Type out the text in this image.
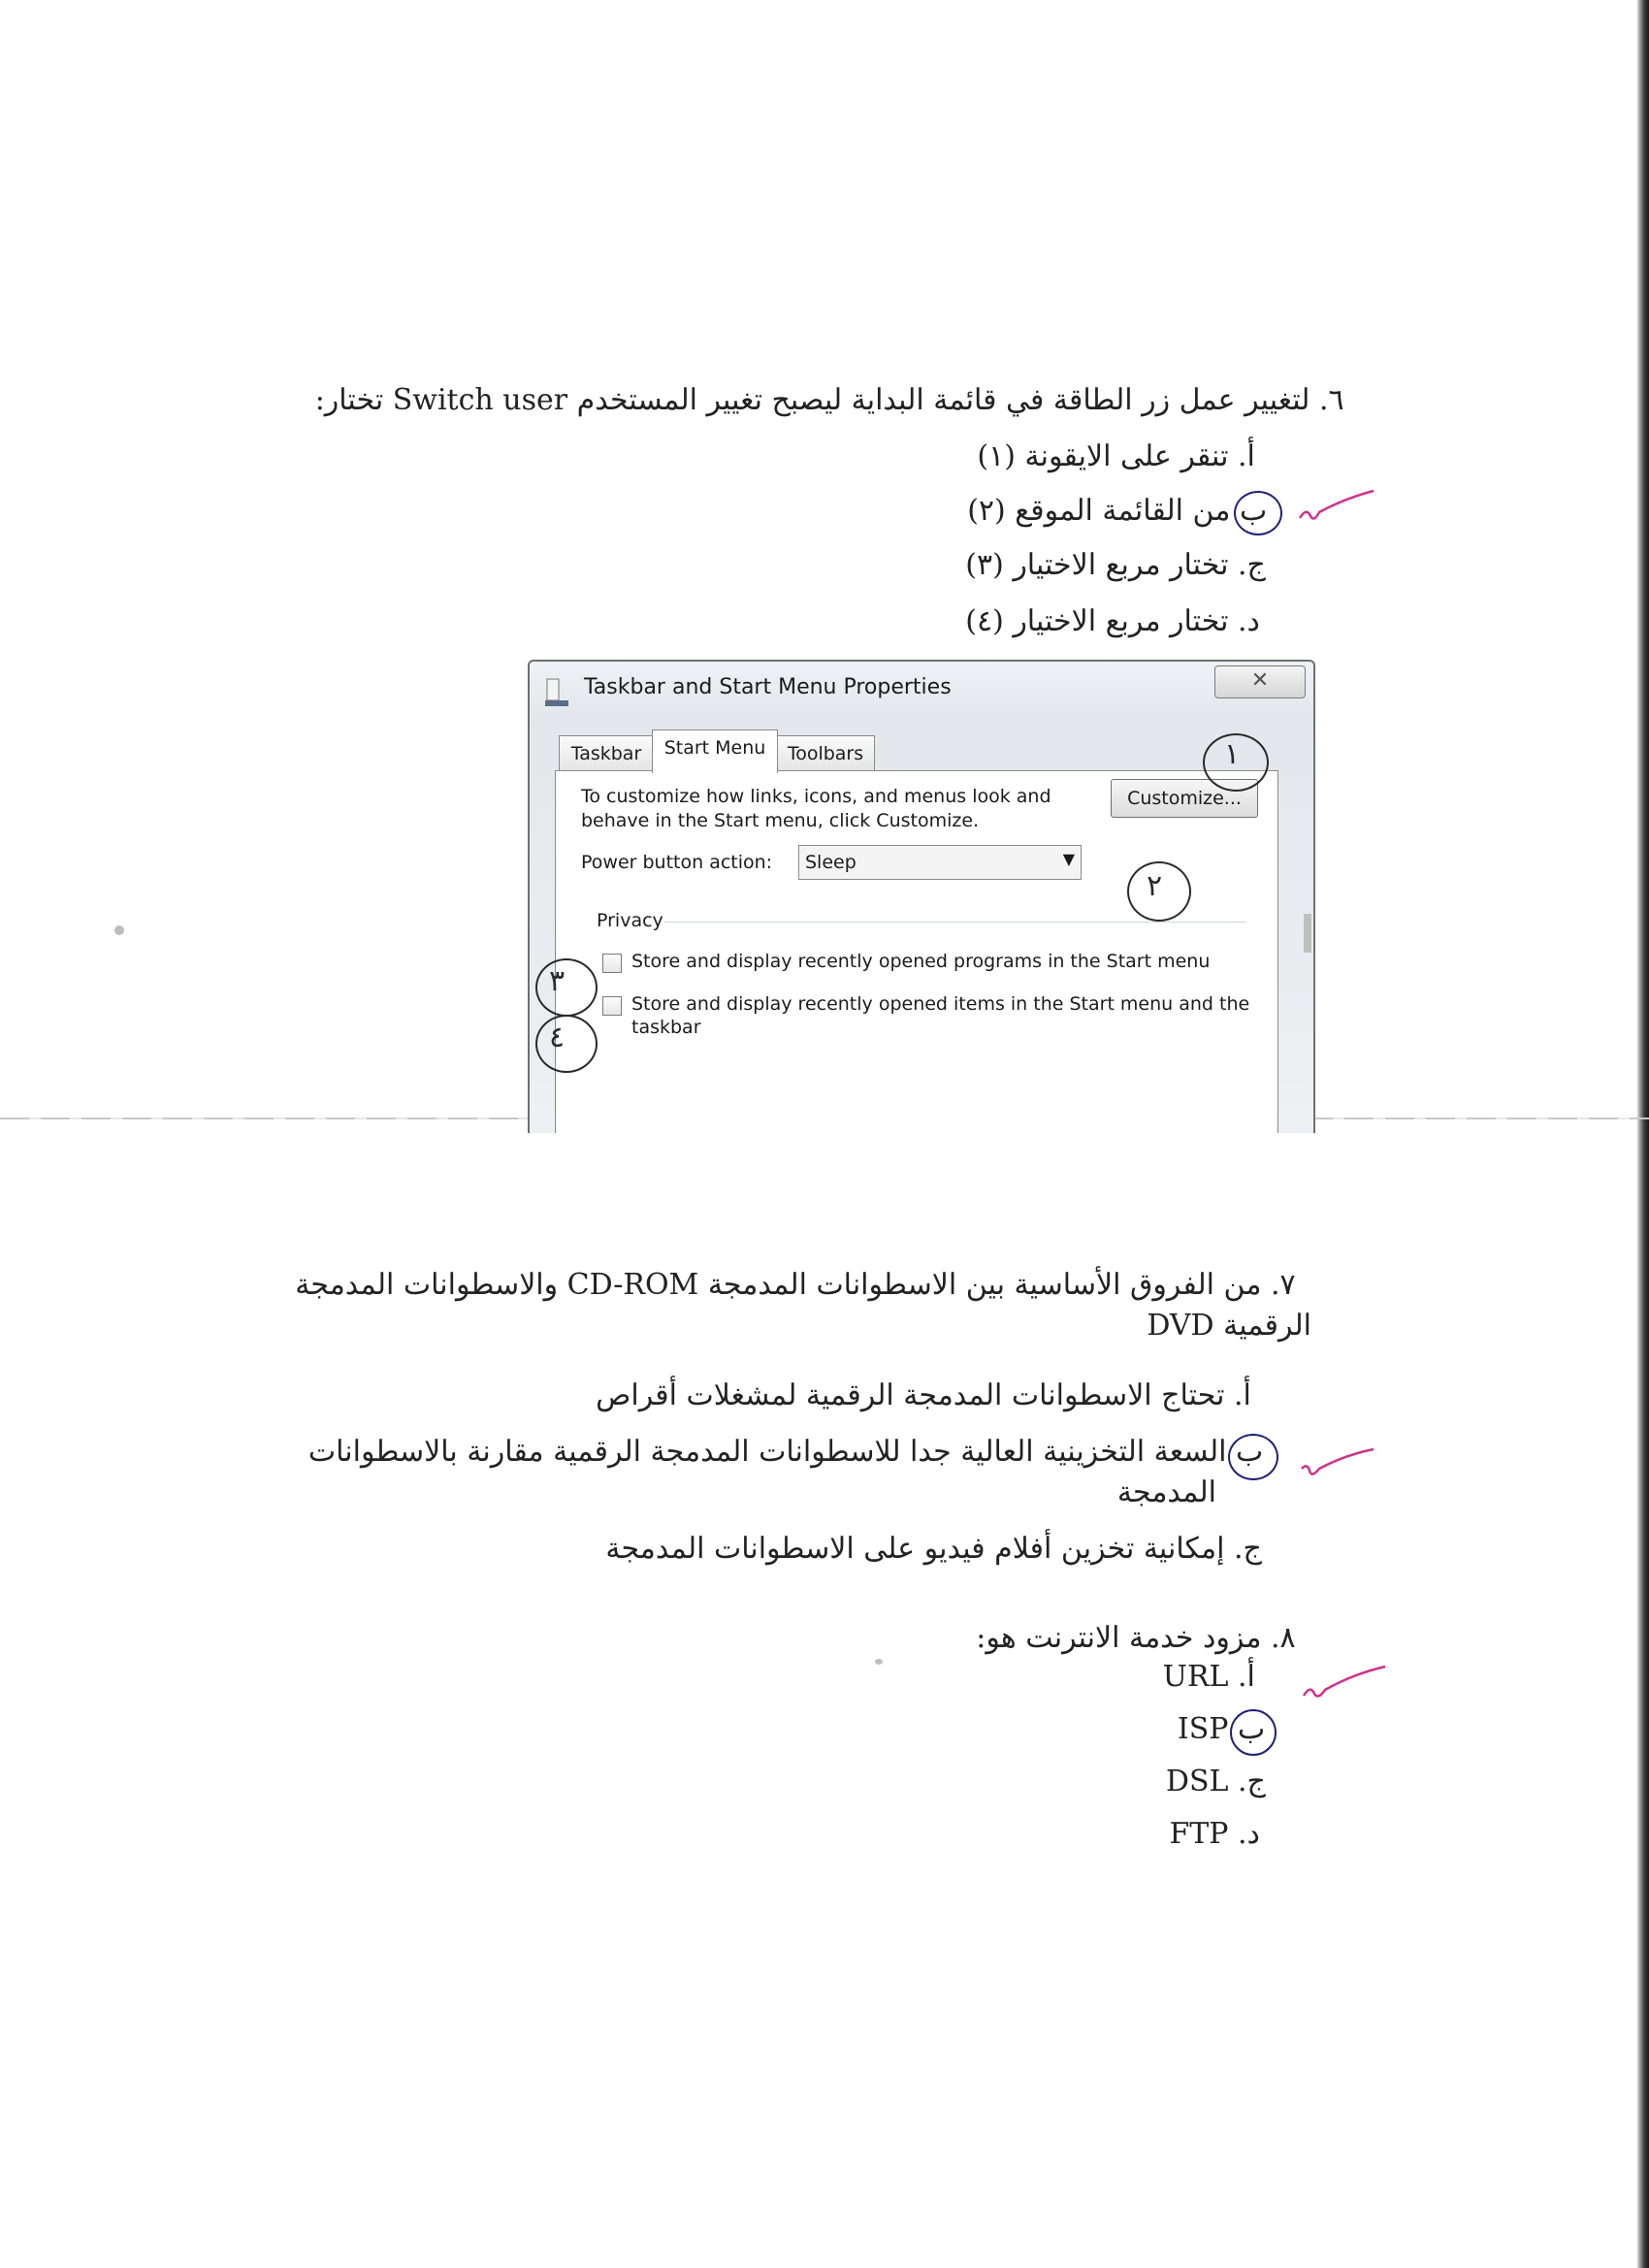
٦. لتغيير عمل زر الطاقة في قائمة البداية ليصبح تغيير المستخدم Switch user تختار:
أ. تنقر على الايقونة (١)
ب من القائمة الموقع (٢)
ج. تختار مربع الاختيار (٣)
د. تختار مربع الاختيار (٤)
Taskbar and Start Menu Properties	✕
Taskbar	Start Menu	Toolbars
To customize how links, icons, and menus look and
behave in the Start menu, click Customize.
Customize...
Power button action: Sleep	▼
Privacy
Store and display recently opened programs in the Start menu
Store and display recently opened items in the Start menu and the
taskbar
١
٢
٣
٤
٧. من الفروق الأساسية بين الاسطوانات المدمجة CD-ROM والاسطوانات المدمجة
الرقمية DVD
أ. تحتاج الاسطوانات المدمجة الرقمية لمشغلات أقراص
ب السعة التخزينية العالية جدا للاسطوانات المدمجة الرقمية مقارنة بالاسطوانات
المدمجة
ج. إمكانية تخزين أفلام فيديو على الاسطوانات المدمجة
٨. مزود خدمة الانترنت هو:
أ. URL
ب ISP
ج. DSL
د. FTP
